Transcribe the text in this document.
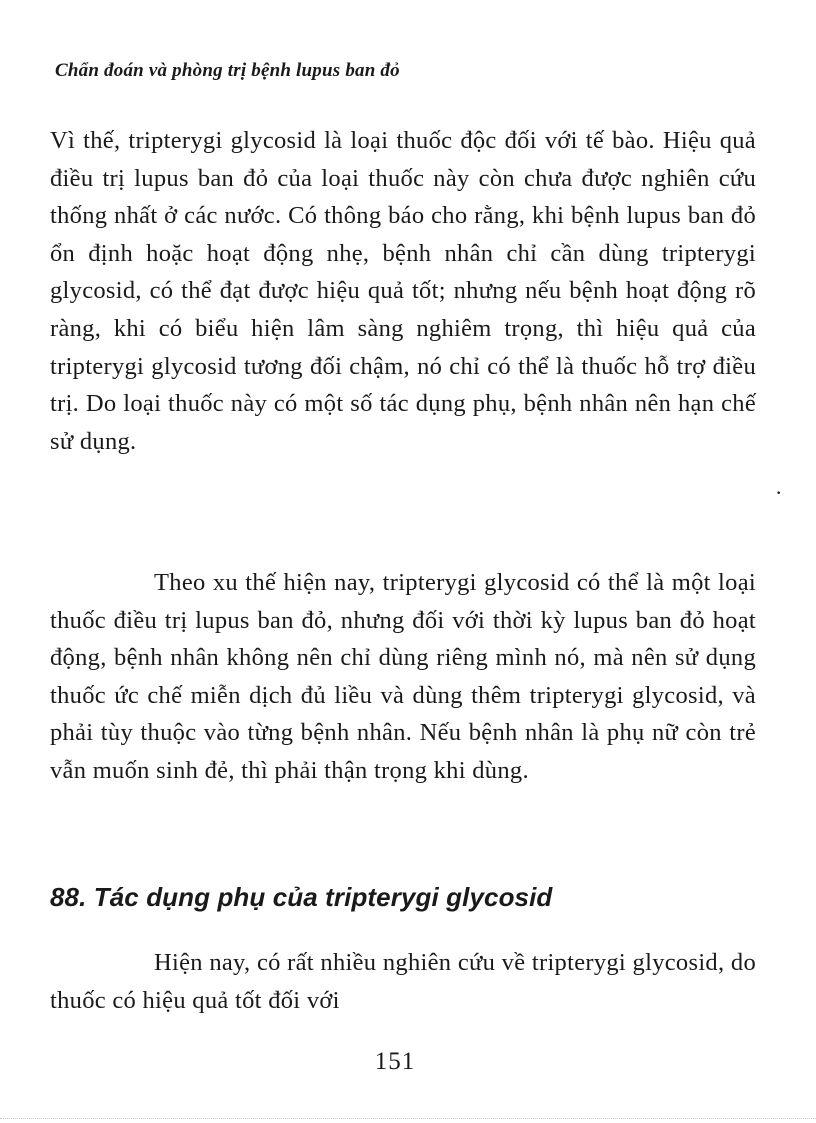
Chẩn đoán và phòng trị bệnh lupus ban đỏ

Vì thế, tripterygi glycosid là loại thuốc độc đối với tế bào. Hiệu quả điều trị lupus ban đỏ của loại thuốc này còn chưa được nghiên cứu thống nhất ở các nước. Có thông báo cho rằng, khi bệnh lupus ban đỏ ổn định hoặc hoạt động nhẹ, bệnh nhân chỉ cần dùng tripterygi glycosid, có thể đạt được hiệu quả tốt; nhưng nếu bệnh hoạt động rõ ràng, khi có biểu hiện lâm sàng nghiêm trọng, thì hiệu quả của tripterygi glycosid tương đối chậm, nó chỉ có thể là thuốc hỗ trợ điều trị. Do loại thuốc này có một số tác dụng phụ, bệnh nhân nên hạn chế sử dụng.

·

Theo xu thế hiện nay, tripterygi glycosid có thể là một loại thuốc điều trị lupus ban đỏ, nhưng đối với thời kỳ lupus ban đỏ hoạt động, bệnh nhân không nên chỉ dùng riêng mình nó, mà nên sử dụng thuốc ức chế miễn dịch đủ liều và dùng thêm tripterygi glycosid, và phải tùy thuộc vào từng bệnh nhân. Nếu bệnh nhân là phụ nữ còn trẻ vẫn muốn sinh đẻ, thì phải thận trọng khi dùng.

88. Tác dụng phụ của tripterygi glycosid

Hiện nay, có rất nhiều nghiên cứu về tripterygi glycosid, do thuốc có hiệu quả tốt đối với

151
